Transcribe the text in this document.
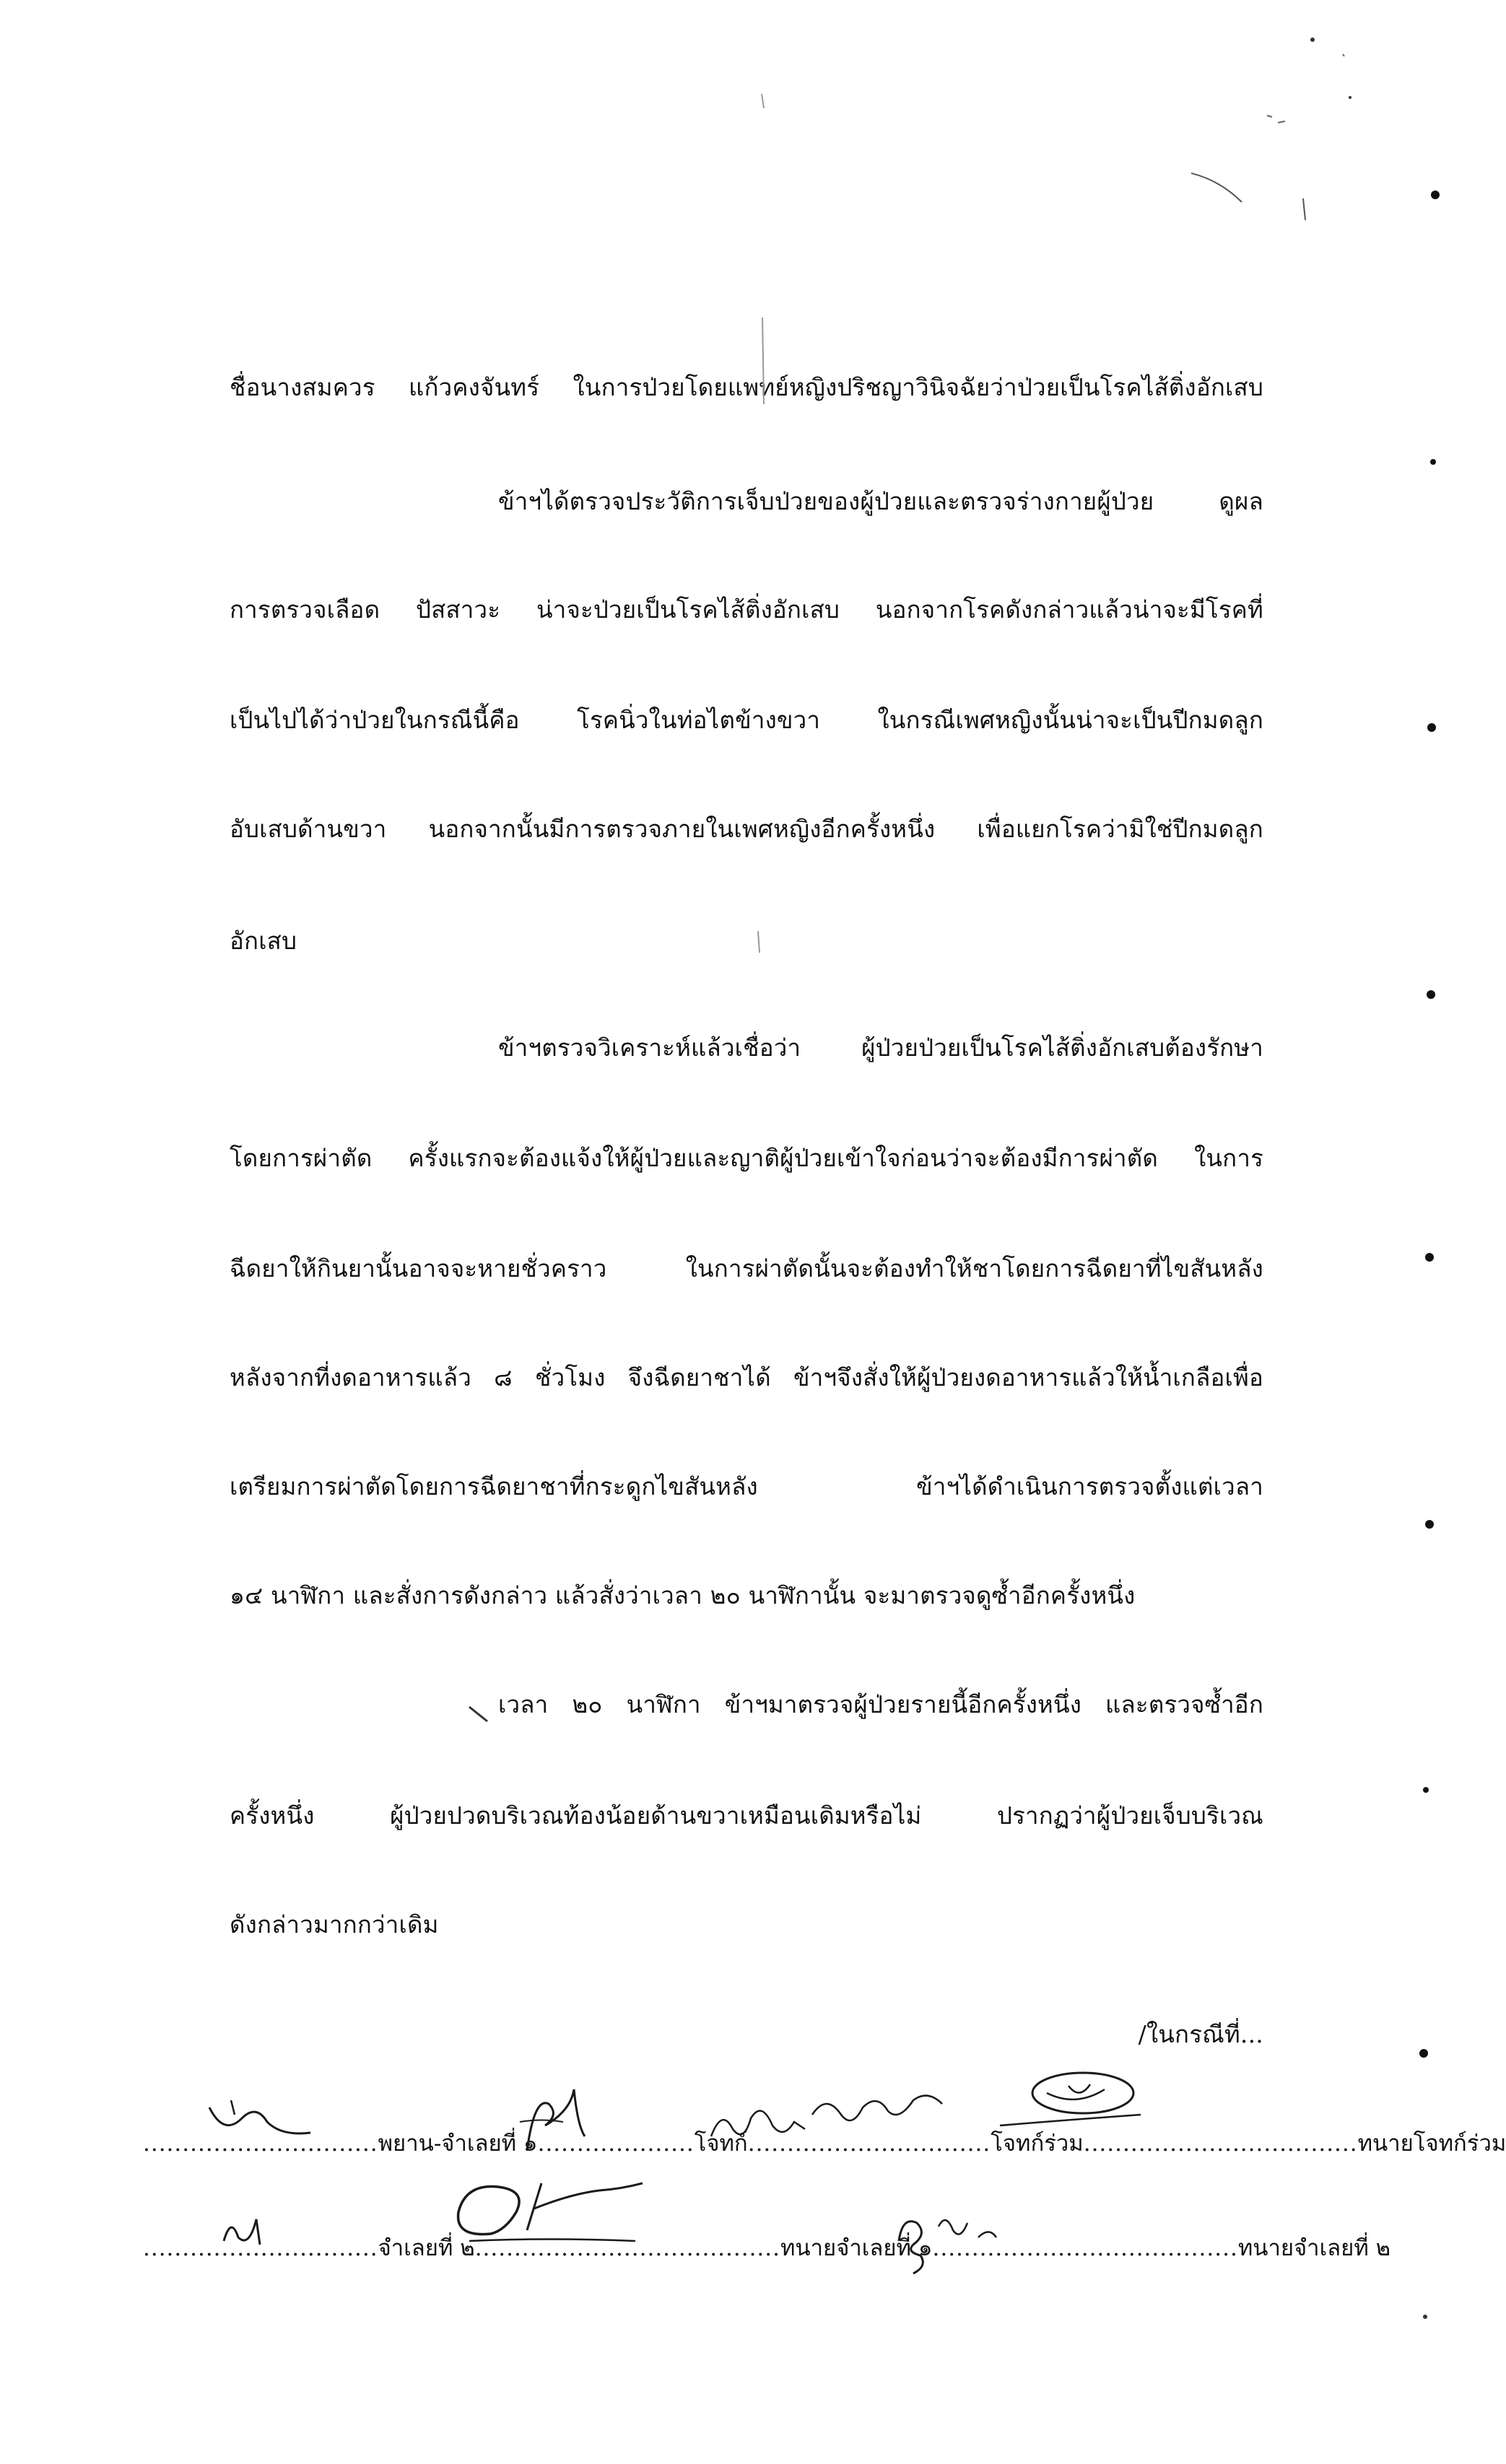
ชื่อนางสมควร แก้วคงจันทร์ ในการป่วยโดยแพทย์หญิงปริชญาวินิจฉัยว่าป่วยเป็นโรคไส้ติ่งอักเสบ
ข้าฯได้ตรวจประวัติการเจ็บป่วยของผู้ป่วยและตรวจร่างกายผู้ป่วย ดูผล
การตรวจเลือด ปัสสาวะ น่าจะป่วยเป็นโรคไส้ติ่งอักเสบ นอกจากโรคดังกล่าวแล้วน่าจะมีโรคที่
เป็นไปได้ว่าป่วยในกรณีนี้คือ โรคนิ่วในท่อไตข้างขวา ในกรณีเพศหญิงนั้นน่าจะเป็นปีกมดลูก
อับเสบด้านขวา นอกจากนั้นมีการตรวจภายในเพศหญิงอีกครั้งหนึ่ง เพื่อแยกโรคว่ามิใช่ปีกมดลูก
อักเสบ
ข้าฯตรวจวิเคราะห์แล้วเชื่อว่า ผู้ป่วยป่วยเป็นโรคไส้ติ่งอักเสบต้องรักษา
โดยการผ่าตัด ครั้งแรกจะต้องแจ้งให้ผู้ป่วยและญาติผู้ป่วยเข้าใจก่อนว่าจะต้องมีการผ่าตัด ในการ
ฉีดยาให้กินยานั้นอาจจะหายชั่วคราว ในการผ่าตัดนั้นจะต้องทำให้ชาโดยการฉีดยาที่ไขสันหลัง
หลังจากที่งดอาหารแล้ว ๘ ชั่วโมง จึงฉีดยาชาได้ ข้าฯจึงสั่งให้ผู้ป่วยงดอาหารแล้วให้น้ำเกลือเพื่อ
เตรียมการผ่าตัดโดยการฉีดยาชาที่กระดูกไขสันหลัง ข้าฯได้ดำเนินการตรวจตั้งแต่เวลา
๑๔ นาฬิกา และสั่งการดังกล่าว แล้วสั่งว่าเวลา ๒๐ นาฬิกานั้น จะมาตรวจดูซ้ำอีกครั้งหนึ่ง
เวลา ๒๐ นาฬิกา ข้าฯมาตรวจผู้ป่วยรายนี้อีกครั้งหนึ่ง และตรวจซ้ำอีก
ครั้งหนึ่ง ผู้ป่วยปวดบริเวณท้องน้อยด้านขวาเหมือนเดิมหรือไม่ ปรากฏว่าผู้ป่วยเจ็บบริเวณ
ดังกล่าวมากกว่าเดิม
/ในกรณีที่...
..............................พยาน-จำเลยที่ ๑....................โจทก์...............................โจทก์ร่วม...................................ทนายโจทก์ร่วม
..............................จำเลยที่ ๒.......................................ทนายจำเลยที่ ๑.......................................ทนายจำเลยที่ ๒
